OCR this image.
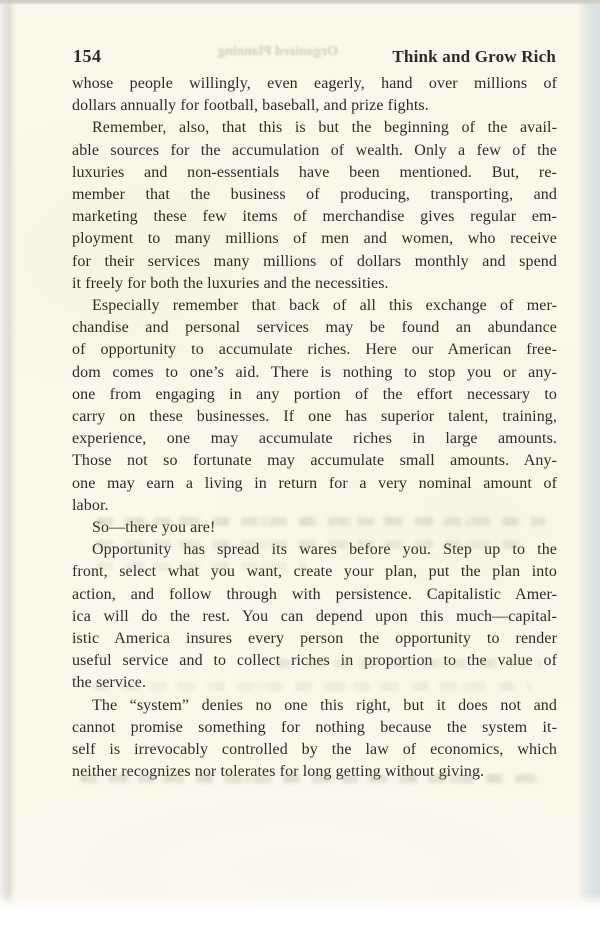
Organized Planning
154	Think and Grow Rich
whose people willingly, even eagerly, hand over millions of
dollars annually for football, baseball, and prize fights.
Remember, also, that this is but the beginning of the avail-
able sources for the accumulation of wealth. Only a few of the
luxuries and non-essentials have been mentioned. But, re-
member that the business of producing, transporting, and
marketing these few items of merchandise gives regular em-
ployment to many millions of men and women, who receive
for their services many millions of dollars monthly and spend
it freely for both the luxuries and the necessities.
Especially remember that back of all this exchange of mer-
chandise and personal services may be found an abundance
of opportunity to accumulate riches. Here our American free-
dom comes to one’s aid. There is nothing to stop you or any-
one from engaging in any portion of the effort necessary to
carry on these businesses. If one has superior talent, training,
experience, one may accumulate riches in large amounts.
Those not so fortunate may accumulate small amounts. Any-
one may earn a living in return for a very nominal amount of
labor.
So—there you are!
Opportunity has spread its wares before you. Step up to the
front, select what you want, create your plan, put the plan into
action, and follow through with persistence. Capitalistic Amer-
ica will do the rest. You can depend upon this much—capital-
istic America insures every person the opportunity to render
useful service and to collect riches in proportion to the value of
the service.
The “system” denies no one this right, but it does not and
cannot promise something for nothing because the system it-
self is irrevocably controlled by the law of economics, which
neither recognizes nor tolerates for long getting without giving.
